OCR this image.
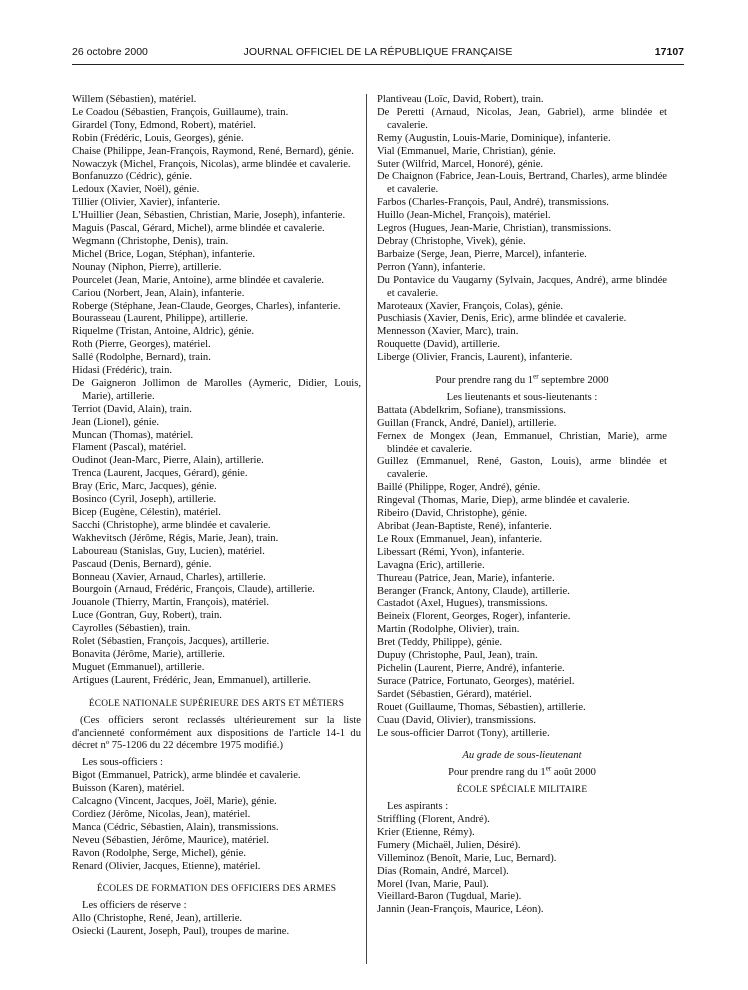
26 octobre 2000	JOURNAL OFFICIEL DE LA RÉPUBLIQUE FRANÇAISE	17107

Willem (Sébastien), matériel.

Le Coadou (Sébastien, François, Guillaume), train.

Girardel (Tony, Edmond, Robert), matériel.

Robin (Frédéric, Louis, Georges), génie.

Chaise (Philippe, Jean-François, Raymond, René, Bernard), génie.

Nowaczyk (Michel, François, Nicolas), arme blindée et cavalerie.

Bonfanuzzo (Cédric), génie.

Ledoux (Xavier, Noël), génie.

Tillier (Olivier, Xavier), infanterie.

L'Huillier (Jean, Sébastien, Christian, Marie, Joseph), infanterie.

Maguis (Pascal, Gérard, Michel), arme blindée et cavalerie.

Wegmann (Christophe, Denis), train.

Michel (Brice, Logan, Stéphan), infanterie.

Nounay (Niphon, Pierre), artillerie.

Pourcelet (Jean, Marie, Antoine), arme blindée et cavalerie.

Cariou (Norbert, Jean, Alain), infanterie.

Roberge (Stéphane, Jean-Claude, Georges, Charles), infanterie.

Bourasseau (Laurent, Philippe), artillerie.

Riquelme (Tristan, Antoine, Aldric), génie.

Roth (Pierre, Georges), matériel.

Sallé (Rodolphe, Bernard), train.

Hidasi (Frédéric), train.

De Gaigneron Jollimon de Marolles (Aymeric, Didier, Louis, Marie), artillerie.

Terriot (David, Alain), train.

Jean (Lionel), génie.

Muncan (Thomas), matériel.

Flament (Pascal), matériel.

Oudinot (Jean-Marc, Pierre, Alain), artillerie.

Trenca (Laurent, Jacques, Gérard), génie.

Bray (Eric, Marc, Jacques), génie.

Bosinco (Cyril, Joseph), artillerie.

Bicep (Eugène, Célestin), matériel.

Sacchi (Christophe), arme blindée et cavalerie.

Wakhevitsch (Jérôme, Régis, Marie, Jean), train.

Laboureau (Stanislas, Guy, Lucien), matériel.

Pascaud (Denis, Bernard), génie.

Bonneau (Xavier, Arnaud, Charles), artillerie.

Bourgoin (Arnaud, Frédéric, François, Claude), artillerie.

Jouanole (Thierry, Martin, François), matériel.

Luce (Gontran, Guy, Robert), train.

Cayrolles (Sébastien), train.

Rolet (Sébastien, François, Jacques), artillerie.

Bonavita (Jérôme, Marie), artillerie.

Muguet (Emmanuel), artillerie.

Artigues (Laurent, Frédéric, Jean, Emmanuel), artillerie.

ÉCOLE NATIONALE SUPÉRIEURE DES ARTS ET MÉTIERS

(Ces officiers seront reclassés ultérieurement sur la liste d'ancienneté conformément aux dispositions de l'article 14-1 du décret nº 75-1206 du 22 décembre 1975 modifié.)

Les sous-officiers :

Bigot (Emmanuel, Patrick), arme blindée et cavalerie.

Buisson (Karen), matériel.

Calcagno (Vincent, Jacques, Joël, Marie), génie.

Cordiez (Jérôme, Nicolas, Jean), matériel.

Manca (Cédric, Sébastien, Alain), transmissions.

Neveu (Sébastien, Jérôme, Maurice), matériel.

Ravon (Rodolphe, Serge, Michel), génie.

Renard (Olivier, Jacques, Etienne), matériel.

ÉCOLES DE FORMATION DES OFFICIERS DES ARMES

Les officiers de réserve :

Allo (Christophe, René, Jean), artillerie.

Osiecki (Laurent, Joseph, Paul), troupes de marine.

Plantiveau (Loïc, David, Robert), train.

De Peretti (Arnaud, Nicolas, Jean, Gabriel), arme blindée et cavalerie.

Remy (Augustin, Louis-Marie, Dominique), infanterie.

Vial (Emmanuel, Marie, Christian), génie.

Suter (Wilfrid, Marcel, Honoré), génie.

De Chaignon (Fabrice, Jean-Louis, Bertrand, Charles), arme blindée et cavalerie.

Farbos (Charles-François, Paul, André), transmissions.

Huillo (Jean-Michel, François), matériel.

Legros (Hugues, Jean-Marie, Christian), transmissions.

Debray (Christophe, Vivek), génie.

Barbaize (Serge, Jean, Pierre, Marcel), infanterie.

Perron (Yann), infanterie.

Du Pontavice du Vaugarny (Sylvain, Jacques, André), arme blindée et cavalerie.

Maroteaux (Xavier, François, Colas), génie.

Puschiasis (Xavier, Denis, Eric), arme blindée et cavalerie.

Mennesson (Xavier, Marc), train.

Rouquette (David), artillerie.

Liberge (Olivier, Francis, Laurent), infanterie.

Pour prendre rang du 1er septembre 2000

Les lieutenants et sous-lieutenants :

Battata (Abdelkrim, Sofiane), transmissions.

Guillan (Franck, André, Daniel), artillerie.

Fernex de Mongex (Jean, Emmanuel, Christian, Marie), arme blindée et cavalerie.

Guillez (Emmanuel, René, Gaston, Louis), arme blindée et cavalerie.

Baillé (Philippe, Roger, André), génie.

Ringeval (Thomas, Marie, Diep), arme blindée et cavalerie.

Ribeiro (David, Christophe), génie.

Abribat (Jean-Baptiste, René), infanterie.

Le Roux (Emmanuel, Jean), infanterie.

Libessart (Rémi, Yvon), infanterie.

Lavagna (Eric), artillerie.

Thureau (Patrice, Jean, Marie), infanterie.

Beranger (Franck, Antony, Claude), artillerie.

Castadot (Axel, Hugues), transmissions.

Beineix (Florent, Georges, Roger), infanterie.

Martin (Rodolphe, Olivier), train.

Bret (Teddy, Philippe), génie.

Dupuy (Christophe, Paul, Jean), train.

Pichelin (Laurent, Pierre, André), infanterie.

Surace (Patrice, Fortunato, Georges), matériel.

Sardet (Sébastien, Gérard), matériel.

Rouet (Guillaume, Thomas, Sébastien), artillerie.

Cuau (David, Olivier), transmissions.

Le sous-officier Darrot (Tony), artillerie.

Au grade de sous-lieutenant

Pour prendre rang du 1er août 2000

ÉCOLE SPÉCIALE MILITAIRE

Les aspirants :

Striffling (Florent, André).

Krier (Etienne, Rémy).

Fumery (Michaël, Julien, Désiré).

Villeminoz (Benoît, Marie, Luc, Bernard).

Dias (Romain, André, Marcel).

Morel (Ivan, Marie, Paul).

Vieillard-Baron (Tugdual, Marie).

Jannin (Jean-François, Maurice, Léon).
